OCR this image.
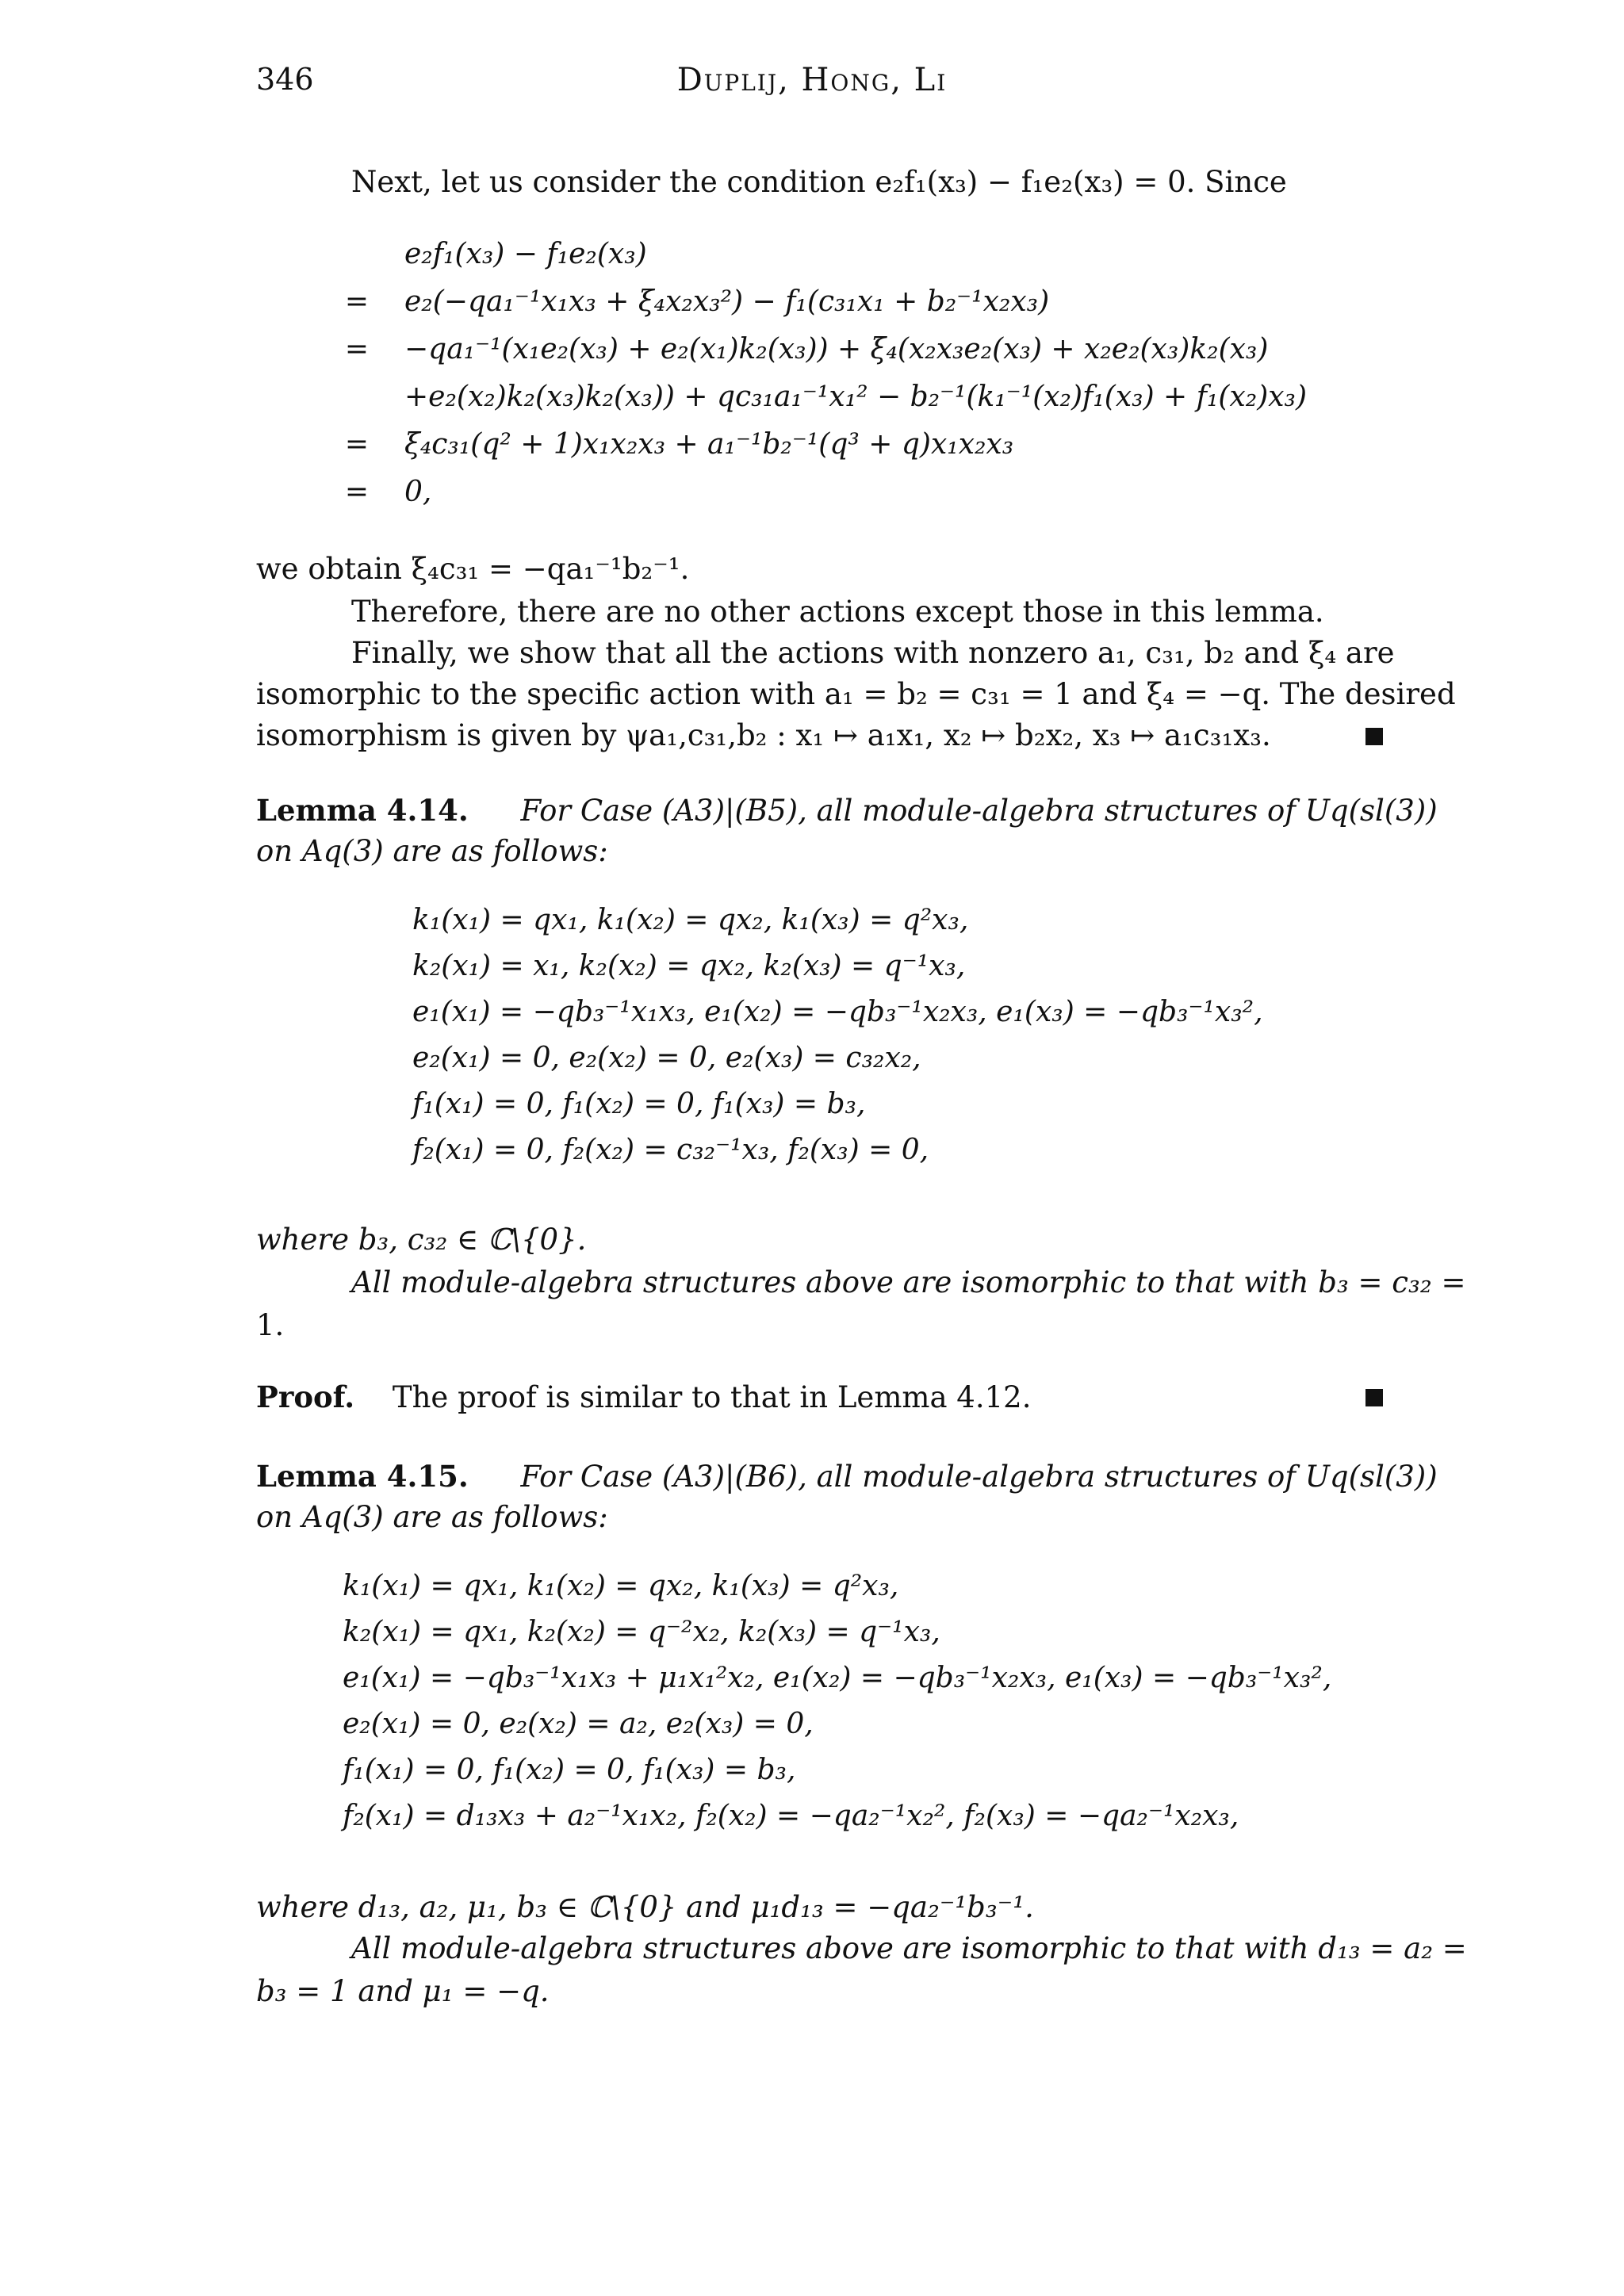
346	Duplij, Hong, Li
Next, let us consider the condition e₂f₁(x₃) − f₁e₂(x₃) = 0. Since
e₂f₁(x₃) − f₁e₂(x₃)
= e₂(−qa₁⁻¹x₁x₃ + ξ₄x₂x₃²) − f₁(c₃₁x₁ + b₂⁻¹x₂x₃)
= −qa₁⁻¹(x₁e₂(x₃) + e₂(x₁)k₂(x₃)) + ξ₄(x₂x₃e₂(x₃) + x₂e₂(x₃)k₂(x₃)
+e₂(x₂)k₂(x₃)k₂(x₃)) + qc₃₁a₁⁻¹x₁² − b₂⁻¹(k₁⁻¹(x₂)f₁(x₃) + f₁(x₂)x₃)
= ξ₄c₃₁(q² + 1)x₁x₂x₃ + a₁⁻¹b₂⁻¹(q³ + q)x₁x₂x₃
= 0,
we obtain ξ₄c₃₁ = −qa₁⁻¹b₂⁻¹.
Therefore, there are no other actions except those in this lemma.
Finally, we show that all the actions with nonzero a₁, c₃₁, b₂ and ξ₄ are
isomorphic to the specific action with a₁ = b₂ = c₃₁ = 1 and ξ₄ = −q. The desired
isomorphism is given by ψa₁,c₃₁,b₂ : x₁ ↦ a₁x₁, x₂ ↦ b₂x₂, x₃ ↦ a₁c₃₁x₃.
Lemma 4.14. For Case (A3)|(B5), all module-algebra structures of Uq(sl(3))
on Aq(3) are as follows:
k₁(x₁) = qx₁, k₁(x₂) = qx₂, k₁(x₃) = q²x₃,
k₂(x₁) = x₁, k₂(x₂) = qx₂, k₂(x₃) = q⁻¹x₃,
e₁(x₁) = −qb₃⁻¹x₁x₃, e₁(x₂) = −qb₃⁻¹x₂x₃, e₁(x₃) = −qb₃⁻¹x₃²,
e₂(x₁) = 0, e₂(x₂) = 0, e₂(x₃) = c₃₂x₂,
f₁(x₁) = 0, f₁(x₂) = 0, f₁(x₃) = b₃,
f₂(x₁) = 0, f₂(x₂) = c₃₂⁻¹x₃, f₂(x₃) = 0,
where b₃, c₃₂ ∈ ℂ\{0}.
All module-algebra structures above are isomorphic to that with b₃ = c₃₂ =
1.
Proof. The proof is similar to that in Lemma 4.12.
Lemma 4.15. For Case (A3)|(B6), all module-algebra structures of Uq(sl(3))
on Aq(3) are as follows:
k₁(x₁) = qx₁, k₁(x₂) = qx₂, k₁(x₃) = q²x₃,
k₂(x₁) = qx₁, k₂(x₂) = q⁻²x₂, k₂(x₃) = q⁻¹x₃,
e₁(x₁) = −qb₃⁻¹x₁x₃ + μ₁x₁²x₂, e₁(x₂) = −qb₃⁻¹x₂x₃, e₁(x₃) = −qb₃⁻¹x₃²,
e₂(x₁) = 0, e₂(x₂) = a₂, e₂(x₃) = 0,
f₁(x₁) = 0, f₁(x₂) = 0, f₁(x₃) = b₃,
f₂(x₁) = d₁₃x₃ + a₂⁻¹x₁x₂, f₂(x₂) = −qa₂⁻¹x₂², f₂(x₃) = −qa₂⁻¹x₂x₃,
where d₁₃, a₂, μ₁, b₃ ∈ ℂ\{0} and μ₁d₁₃ = −qa₂⁻¹b₃⁻¹.
All module-algebra structures above are isomorphic to that with d₁₃ = a₂ =
b₃ = 1 and μ₁ = −q.
